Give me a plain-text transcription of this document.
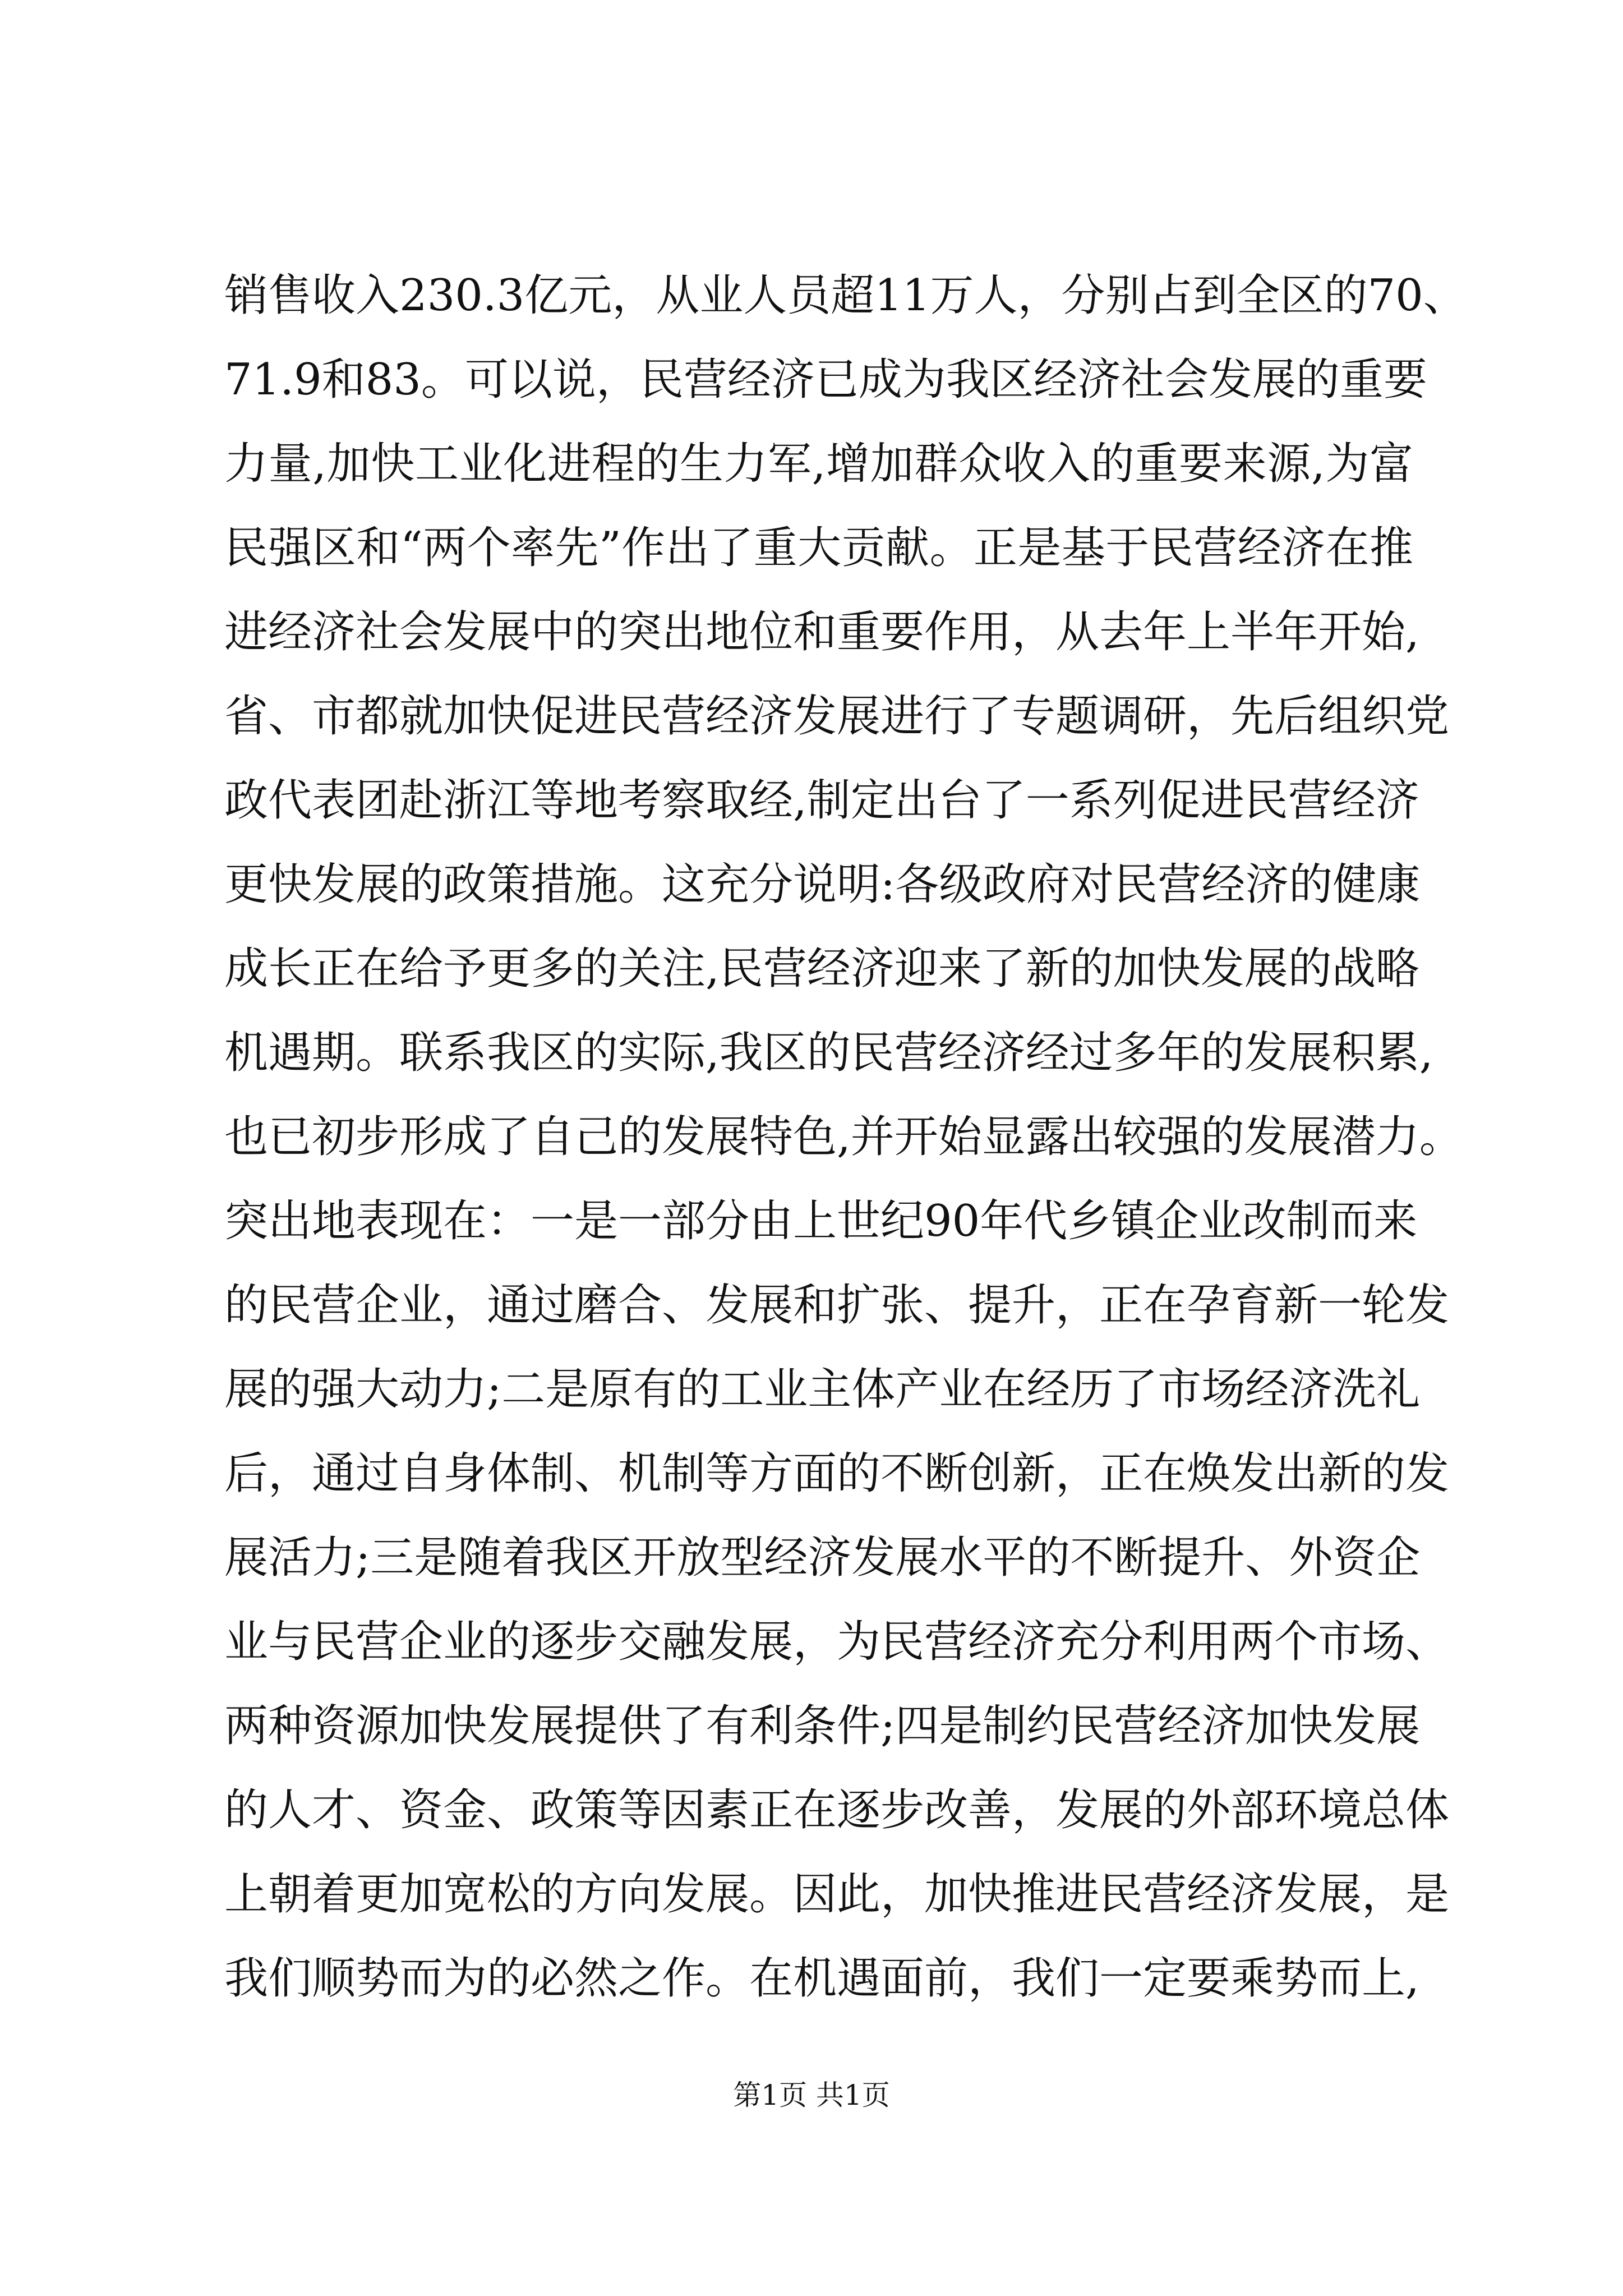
销售收入230.3亿元，从业人员超11万人，分别占到全区的70、
71.9和83。可以说，民营经济已成为我区经济社会发展的重要
力量,加快工业化进程的生力军,增加群众收入的重要来源,为富
民强区和“两个率先”作出了重大贡献。正是基于民营经济在推
进经济社会发展中的突出地位和重要作用，从去年上半年开始,
省、市都就加快促进民营经济发展进行了专题调研，先后组织党
政代表团赴浙江等地考察取经,制定出台了一系列促进民营经济
更快发展的政策措施。这充分说明:各级政府对民营经济的健康
成长正在给予更多的关注,民营经济迎来了新的加快发展的战略
机遇期。联系我区的实际,我区的民营经济经过多年的发展积累,
也已初步形成了自己的发展特色,并开始显露出较强的发展潜力。
突出地表现在：一是一部分由上世纪90年代乡镇企业改制而来
的民营企业，通过磨合、发展和扩张、提升，正在孕育新一轮发
展的强大动力;二是原有的工业主体产业在经历了市场经济洗礼
后，通过自身体制、机制等方面的不断创新，正在焕发出新的发
展活力;三是随着我区开放型经济发展水平的不断提升、外资企
业与民营企业的逐步交融发展，为民营经济充分利用两个市场、
两种资源加快发展提供了有利条件;四是制约民营经济加快发展
的人才、资金、政策等因素正在逐步改善，发展的外部环境总体
上朝着更加宽松的方向发展。因此，加快推进民营经济发展，是
我们顺势而为的必然之作。在机遇面前，我们一定要乘势而上,
第1页 共1页
